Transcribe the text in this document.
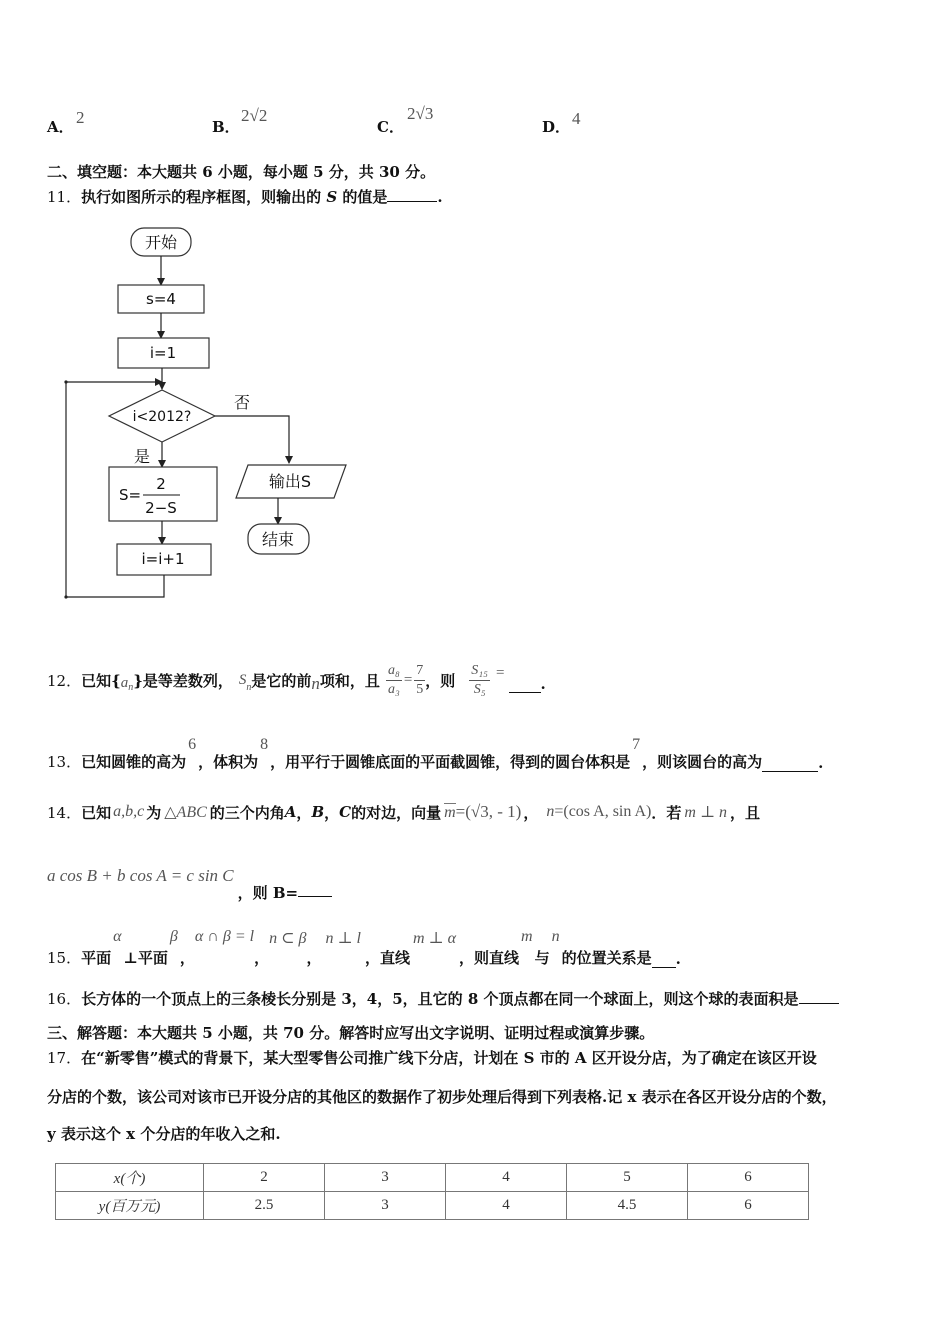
A． 2	B．
2√2
C．
2√3
D． 4
二、填空题：本大题共 6 小题，每小题 5 分，共 30 分。
11．执行如图所示的程序框图，则输出的 S 的值是	.
开始
s=4
i=1
i<2012?
否
是
S=
2
2−S
i=i+1
输出S
结束
12． 已知{ $a_n$ }是等差数列， $S_n$ 是它的前 n 项和，且 $\frac{\text{a₈}}{\text{a₃}} = \frac{7}{5}$ ，则 $\frac{\text{S₁₅}}{\text{S₅}}$ =
.
13． 已知圆锥的高为
6
，体积为
8
，用平行于圆锥底面的平面截圆锥，得到的圆台体积是
7
，则该圆台的高为	.
14． 已知 a,b,c 为 △ABC 的三个内角 A ， B ， C 的对边，向量 m =(√3, - 1) ， n =(cos A, sin A) ．若 m ⊥ n ，且
a cos B + b cos A = c sin C
，则 B=
15． 平面
α
⊥平面
β
，
α ∩ β = l
，
n ⊂ β
，
n ⊥ l
，直线
m ⊥ α
，则直线
m
与
n
的位置关系是 .
16．长方体的一个顶点上的三条棱长分别是 3，4，5，且它的 8 个顶点都在同一个球面上，则这个球的表面积是
三、解答题：本大题共 5 小题，共 70 分。解答时应写出文字说明、证明过程或演算步骤。
17．在“新零售”模式的背景下，某大型零售公司推广线下分店，计划在 S 市的 A 区开设分店，为了确定在该区开设
分店的个数，该公司对该市已开设分店的其他区的数据作了初步处理后得到下列表格.记 x 表示在各区开设分店的个数，
y 表示这个 x 个分店的年收入之和.
x(个)	2	3	4	5	6
y(百万元)	2.5	3	4	4.5	6
